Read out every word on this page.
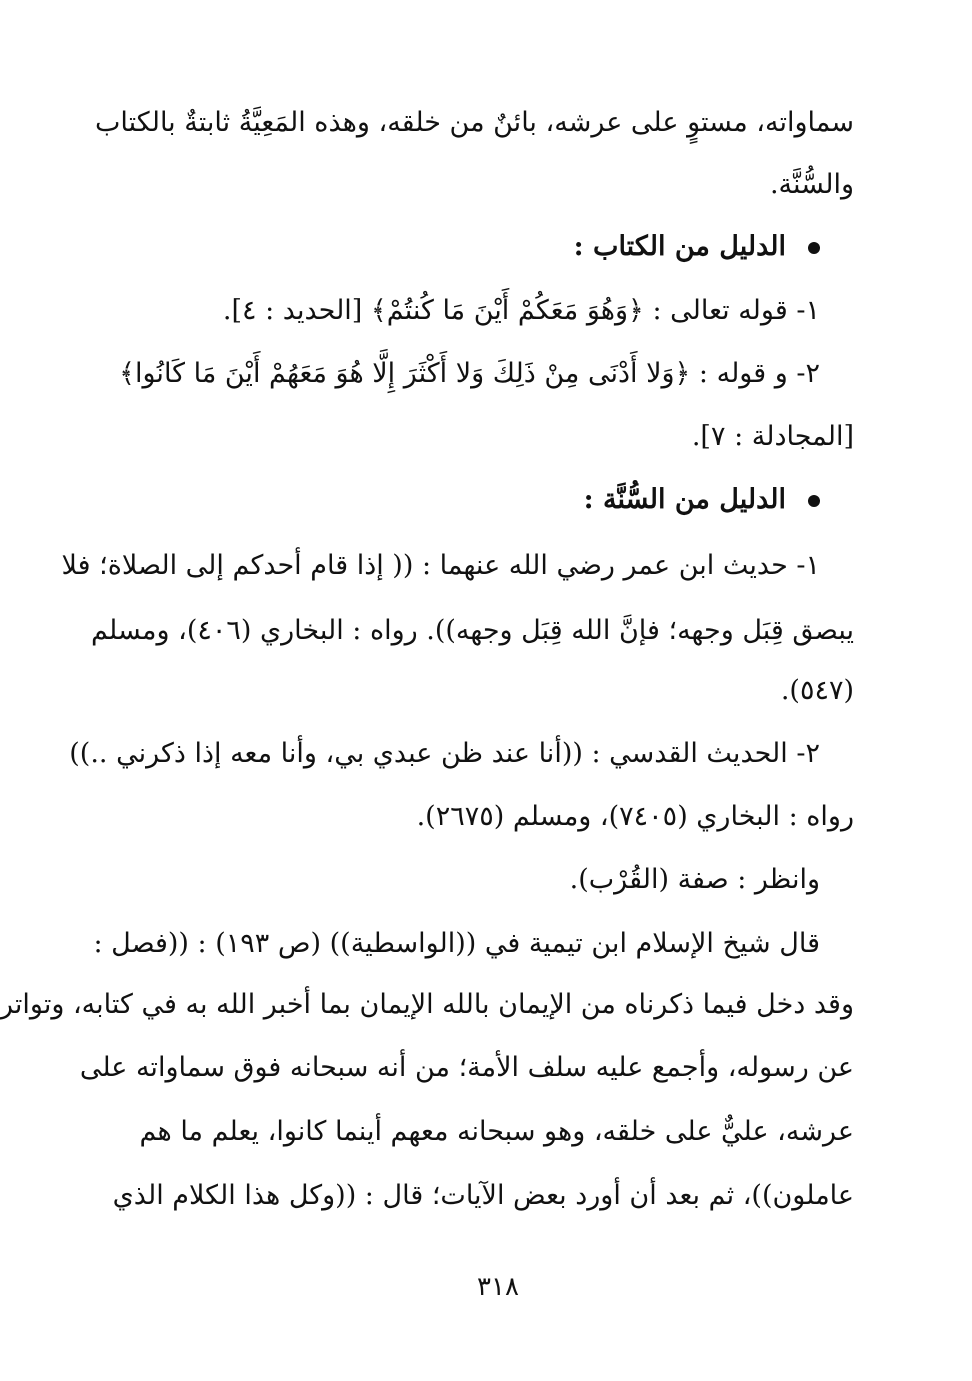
سماواته، مستوٍ على عرشه، بائنٌ من خلقه، وهذه المَعِيَّةُ ثابتةٌ بالكتاب
والسُّنَّة.
الدليل من الكتاب :
١- قوله تعالى : ﴿وَهُوَ مَعَكُمْ أَيْنَ مَا كُنتُمْ﴾ [الحديد : ٤].
٢- و قوله : ﴿وَلا أَدْنَى مِنْ ذَلِكَ وَلا أَكْثَرَ إِلَّا هُوَ مَعَهُمْ أَيْنَ مَا كَانُوا﴾
[المجادلة : ٧].
الدليل من السُّنَّة :
١- حديث ابن عمر رضي الله عنهما : (( إذا قام أحدكم إلى الصلاة؛ فلا
يبصق قِبَل وجهه؛ فإنَّ الله قِبَل وجهه)). رواه : البخاري (٤٠٦)، ومسلم
(٥٤٧).
٢- الحديث القدسي : ((أنا عند ظن عبدي بي، وأنا معه إذا ذكرني ..))
رواه : البخاري (٧٤٠٥)، ومسلم (٢٦٧٥).
وانظر : صفة (القُرْب).
قال شيخ الإسلام ابن تيمية في ((الواسطية)) (ص ١٩٣) : ((فصل :
وقد دخل فيما ذكرناه من الإيمان بالله الإيمان بما أخبر الله به في كتابه، وتواتر
عن رسوله، وأجمع عليه سلف الأمة؛ من أنه سبحانه فوق سماواته على
عرشه، عليٌّ على خلقه، وهو سبحانه معهم أينما كانوا، يعلم ما هم
عاملون))، ثم بعد أن أورد بعض الآيات؛ قال : ((وكل هذا الكلام الذي
٣١٨
